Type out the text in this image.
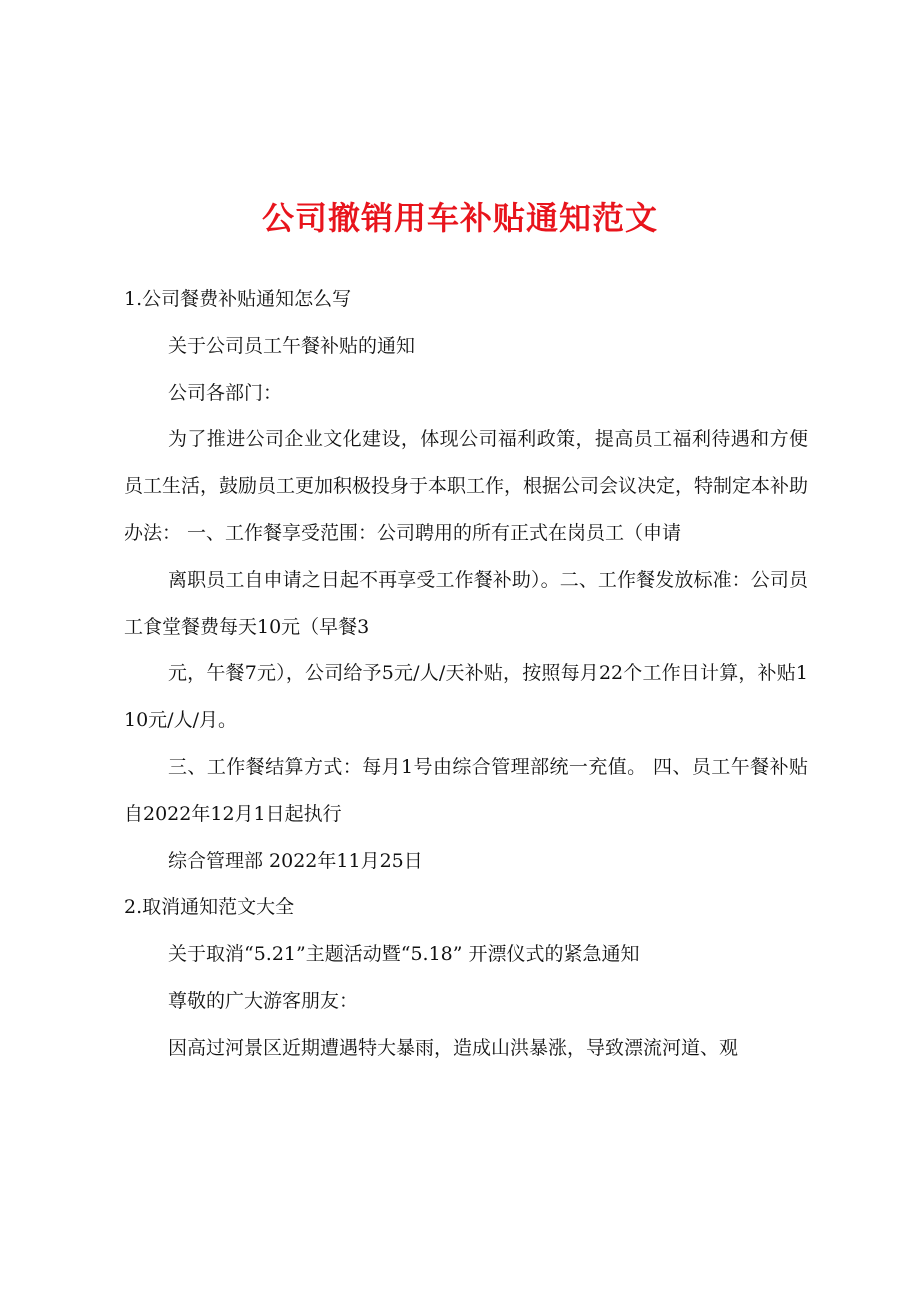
公司撤销用车补贴通知范文

1.公司餐费补贴通知怎么写

关于公司员工午餐补贴的通知

公司各部门：

为了推进公司企业文化建设，体现公司福利政策，提高员工福利待遇和方便员工生活，鼓励员工更加积极投身于本职工作，根据公司会议决定，特制定本补助办法： 一、工作餐享受范围：公司聘用的所有正式在岗员工（申请

离职员工自申请之日起不再享受工作餐补助）。二、工作餐发放标准：公司员工食堂餐费每天10元（早餐3

元，午餐7元），公司给予5元/人/天补贴，按照每月22个工作日计算，补贴110元/人/月。

三、工作餐结算方式：每月1号由综合管理部统一充值。 四、员工午餐补贴自2022年12月1日起执行

综合管理部 2022年11月25日

2.取消通知范文大全

关于取消“5.21”主题活动暨“5.18” 开漂仪式的紧急通知

尊敬的广大游客朋友：

因高过河景区近期遭遇特大暴雨，造成山洪暴涨，导致漂流河道、观
